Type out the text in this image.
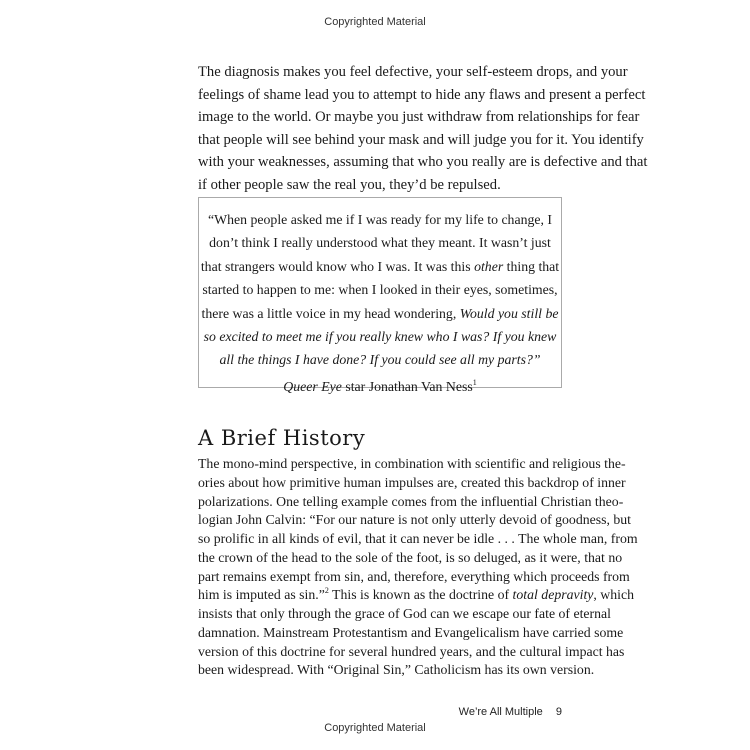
Copyrighted Material
The diagnosis makes you feel defective, your self-esteem drops, and your
feelings of shame lead you to attempt to hide any flaws and present a perfect
image to the world. Or maybe you just withdraw from relationships for fear
that people will see behind your mask and will judge you for it. You identify
with your weaknesses, assuming that who you really are is defective and that
if other people saw the real you, they’d be repulsed.
“When people asked me if I was ready for my life to change, I
don’t think I really understood what they meant. It wasn’t just
that strangers would know who I was. It was this other thing that
started to happen to me: when I looked in their eyes, sometimes,
there was a little voice in my head wondering, Would you still be
so excited to meet me if you really knew who I was? If you knew
all the things I have done? If you could see all my parts?”
Queer Eye star Jonathan Van Ness$^1$
A Brief History
The mono-mind perspective, in combination with scientific and religious the-
ories about how primitive human impulses are, created this backdrop of inner
polarizations. One telling example comes from the influential Christian theo-
logian John Calvin: “For our nature is not only utterly devoid of goodness, but
so prolific in all kinds of evil, that it can never be idle . . . The whole man, from
the crown of the head to the sole of the foot, is so deluged, as it were, that no
part remains exempt from sin, and, therefore, everything which proceeds from
him is imputed as sin.”$^2$ This is known as the doctrine of total depravity, which
insists that only through the grace of God can we escape our fate of eternal
damnation. Mainstream Protestantism and Evangelicalism have carried some
version of this doctrine for several hundred years, and the cultural impact has
been widespread. With “Original Sin,” Catholicism has its own version.
We’re All Multiple 9
Copyrighted Material
